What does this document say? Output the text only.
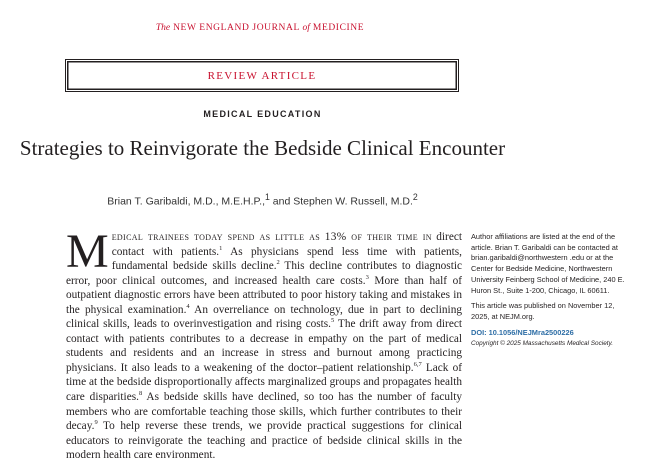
The NEW ENGLAND JOURNAL of MEDICINE
REVIEW ARTICLE
MEDICAL EDUCATION
Strategies to Reinvigorate the Bedside Clinical Encounter
Brian T. Garibaldi, M.D., M.E.H.P.,$^1$ and Stephen W. Russell, M.D.$^2$
Medical trainees today spend as little as 13% of their time in direct contact with patients.$^1$ As physicians spend less time with patients, fundamental bedside skills decline.$^2$ This decline contributes to diagnostic error, poor clinical outcomes, and increased health care costs.$^3$ More than half of outpatient diagnostic errors have been attributed to poor history taking and mistakes in the physical examination.$^4$ An overreliance on technology, due in part to declining clinical skills, leads to overinvestigation and rising costs.$^5$ The drift away from direct contact with patients contributes to a decrease in empathy on the part of medical students and residents and an increase in stress and burnout among practicing physicians. It also leads to a weakening of the doctor–patient relationship.$^{6,7}$ Lack of time at the bedside disproportionally affects marginalized groups and propagates health care disparities.$^8$ As bedside skills have declined, so too has the number of faculty members who are comfortable teaching those skills, which further contributes to their decay.$^9$ To help reverse these trends, we provide practical suggestions for clinical educators to reinvigorate the teaching and practice of bedside clinical skills in the modern health care environment.

Author affiliations are listed at the end of the article. Brian T. Garibaldi can be contacted at brian.garibaldi@northwestern .edu or at the Center for Bedside Medicine, Northwestern University Feinberg School of Medicine, 240 E. Huron St., Suite 1-200, Chicago, IL 60611.

This article was published on November 12, 2025, at NEJM.org.

DOI: 10.1056/NEJMra2500226

Copyright © 2025 Massachusetts Medical Society.
